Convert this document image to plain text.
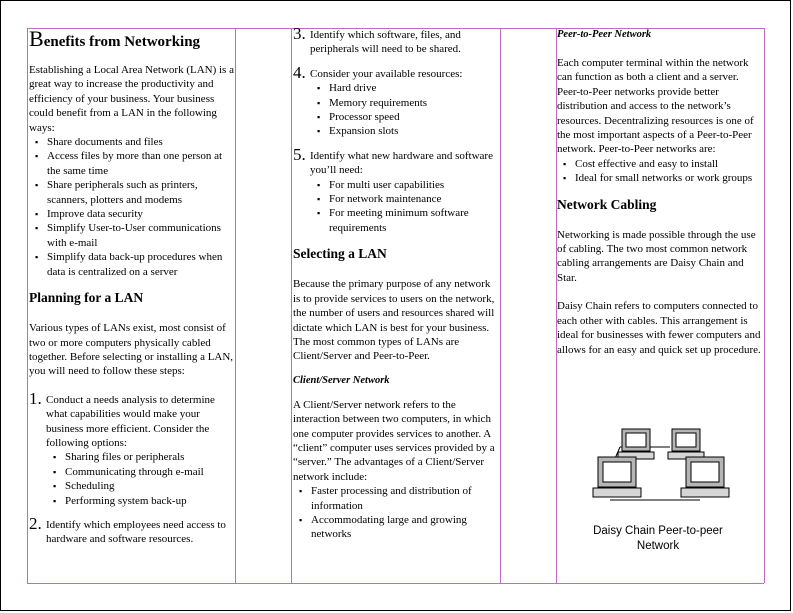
Benefits from Networking

Establishing a Local Area Network (LAN) is a great way to increase the productivity and efficiency of your business. Your business could benefit from a LAN in the following ways:

▪ Share documents and files
▪ Access files by more than one person at the same time
▪ Share peripherals such as printers, scanners, plotters and modems
▪ Improve data security
▪ Simplify User-to-User communications with e-mail
▪ Simplify data back-up procedures when data is centralized on a server
Planning for a LAN

Various types of LANs exist, most consist of two or more computers physically cabled together. Before selecting or installing a LAN, you will need to follow these steps:

1. Conduct a needs analysis to determine what capabilities would make your business more efficient. Consider the following options:

▪ Sharing files or peripherals
▪ Communicating through e-mail
▪ Scheduling
▪ Performing system back-up
2. Identify which employees need access to hardware and software resources.

3. Identify which software, files, and peripherals will need to be shared.

4. Consider your available resources:

▪ Hard drive
▪ Memory requirements
▪ Processor speed
▪ Expansion slots
5. Identify what new hardware and software you’ll need:

▪ For multi user capabilities
▪ For network maintenance
▪ For meeting minimum software requirements
Selecting a LAN

Because the primary purpose of any network is to provide services to users on the network, the number of users and resources shared will dictate which LAN is best for your business. The most common types of LANs are Client/Server and Peer-to-Peer.

Client/Server Network

A Client/Server network refers to the interaction between two computers, in which one computer provides services to another. A “client” computer uses services provided by a “server.” The advantages of a Client/Server network include:

▪ Faster processing and distribution of information
▪ Accommodating large and growing networks
Peer-to-Peer Network

Each computer terminal within the network can function as both a client and a server. Peer-to-Peer networks provide better distribution and access to the network’s resources. Decentralizing resources is one of the most important aspects of a Peer-to-Peer network. Peer-to-Peer networks are:

▪ Cost effective and easy to install
▪ Ideal for small networks or work groups
Network Cabling

Networking is made possible through the use of cabling. The two most common network cabling arrangements are Daisy Chain and Star.

Daisy Chain refers to computers connected to each other with cables. This arrangement is ideal for businesses with fewer computers and allows for an easy and quick set up procedure.

Daisy Chain Peer-to-peer Network
